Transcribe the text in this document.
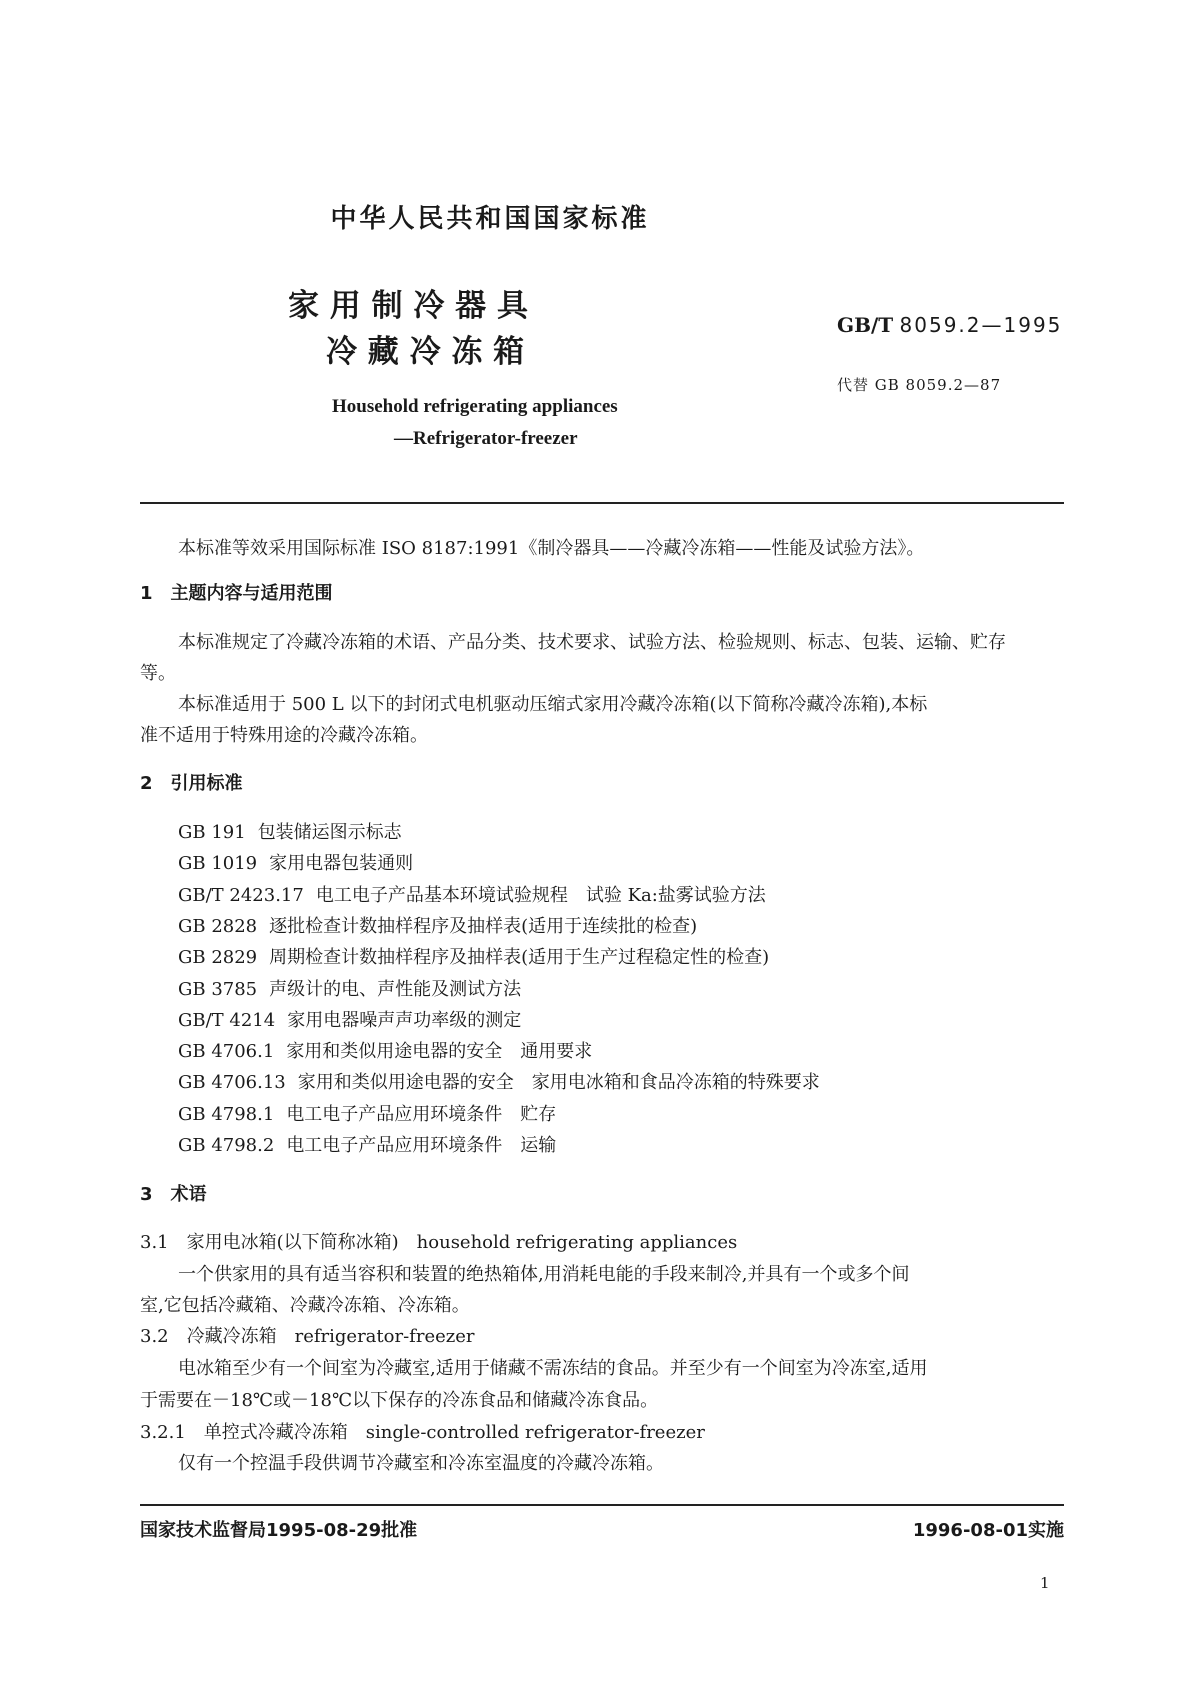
中华人民共和国国家标准
家 用 制 冷 器 具
冷 藏 冷 冻 箱
GB/T 8059.2—1995
代替 GB 8059.2—87
Household refrigerating appliances
—Refrigerator-freezer
本标准等效采用国际标准 ISO 8187:1991《制冷器具——冷藏冷冻箱——性能及试验方法》。
1　主题内容与适用范围
本标准规定了冷藏冷冻箱的术语、产品分类、技术要求、试验方法、检验规则、标志、包装、运输、贮存
等。
本标准适用于 500 L 以下的封闭式电机驱动压缩式家用冷藏冷冻箱(以下简称冷藏冷冻箱),本标
准不适用于特殊用途的冷藏冷冻箱。
2　引用标准
GB 191 包装储运图示标志
GB 1019 家用电器包装通则
GB/T 2423.17 电工电子产品基本环境试验规程　试验 Ka:盐雾试验方法
GB 2828 逐批检查计数抽样程序及抽样表(适用于连续批的检查)
GB 2829 周期检查计数抽样程序及抽样表(适用于生产过程稳定性的检查)
GB 3785 声级计的电、声性能及测试方法
GB/T 4214 家用电器噪声声功率级的测定
GB 4706.1 家用和类似用途电器的安全　通用要求
GB 4706.13 家用和类似用途电器的安全　家用电冰箱和食品冷冻箱的特殊要求
GB 4798.1 电工电子产品应用环境条件　贮存
GB 4798.2 电工电子产品应用环境条件　运输
3　术语
3.1　家用电冰箱(以下简称冰箱)　household refrigerating appliances
一个供家用的具有适当容积和装置的绝热箱体,用消耗电能的手段来制冷,并具有一个或多个间
室,它包括冷藏箱、冷藏冷冻箱、冷冻箱。
3.2　冷藏冷冻箱　refrigerator-freezer
电冰箱至少有一个间室为冷藏室,适用于储藏不需冻结的食品。并至少有一个间室为冷冻室,适用
于需要在－18℃或－18℃以下保存的冷冻食品和储藏冷冻食品。
3.2.1　单控式冷藏冷冻箱　single-controlled refrigerator-freezer
仅有一个控温手段供调节冷藏室和冷冻室温度的冷藏冷冻箱。
国家技术监督局1995-08-29批准	1996-08-01实施
1
